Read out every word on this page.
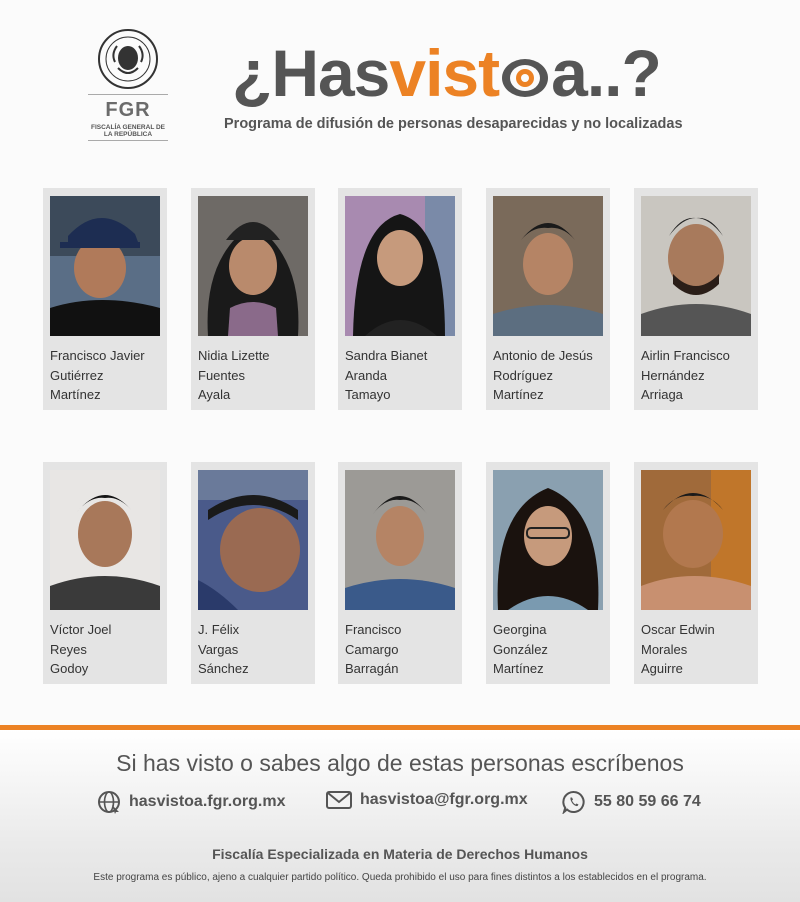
FGR
FISCALÍA GENERAL DE LA REPÚBLICA
¿Hasvist a..?
Programa de difusión de personas desaparecidas y no localizadas
Francisco Javier
Gutiérrez
Martínez
Nidia Lizette
Fuentes
Ayala
Sandra Bianet
Aranda
Tamayo
Antonio de Jesús
Rodríguez
Martínez
Airlin Francisco
Hernández
Arriaga
Víctor Joel
Reyes
Godoy
J. Félix
Vargas
Sánchez
Francisco
Camargo
Barragán
Georgina
González
Martínez
Oscar Edwin
Morales
Aguirre
Si has visto o sabes algo de estas personas escríbenos
hasvistoa.fgr.org.mx	hasvistoa@fgr.org.mx	55 80 59 66 74
Fiscalía Especializada en Materia de Derechos Humanos
Este programa es público, ajeno a cualquier partido político. Queda prohibido el uso para fines distintos a los establecidos en el programa.
